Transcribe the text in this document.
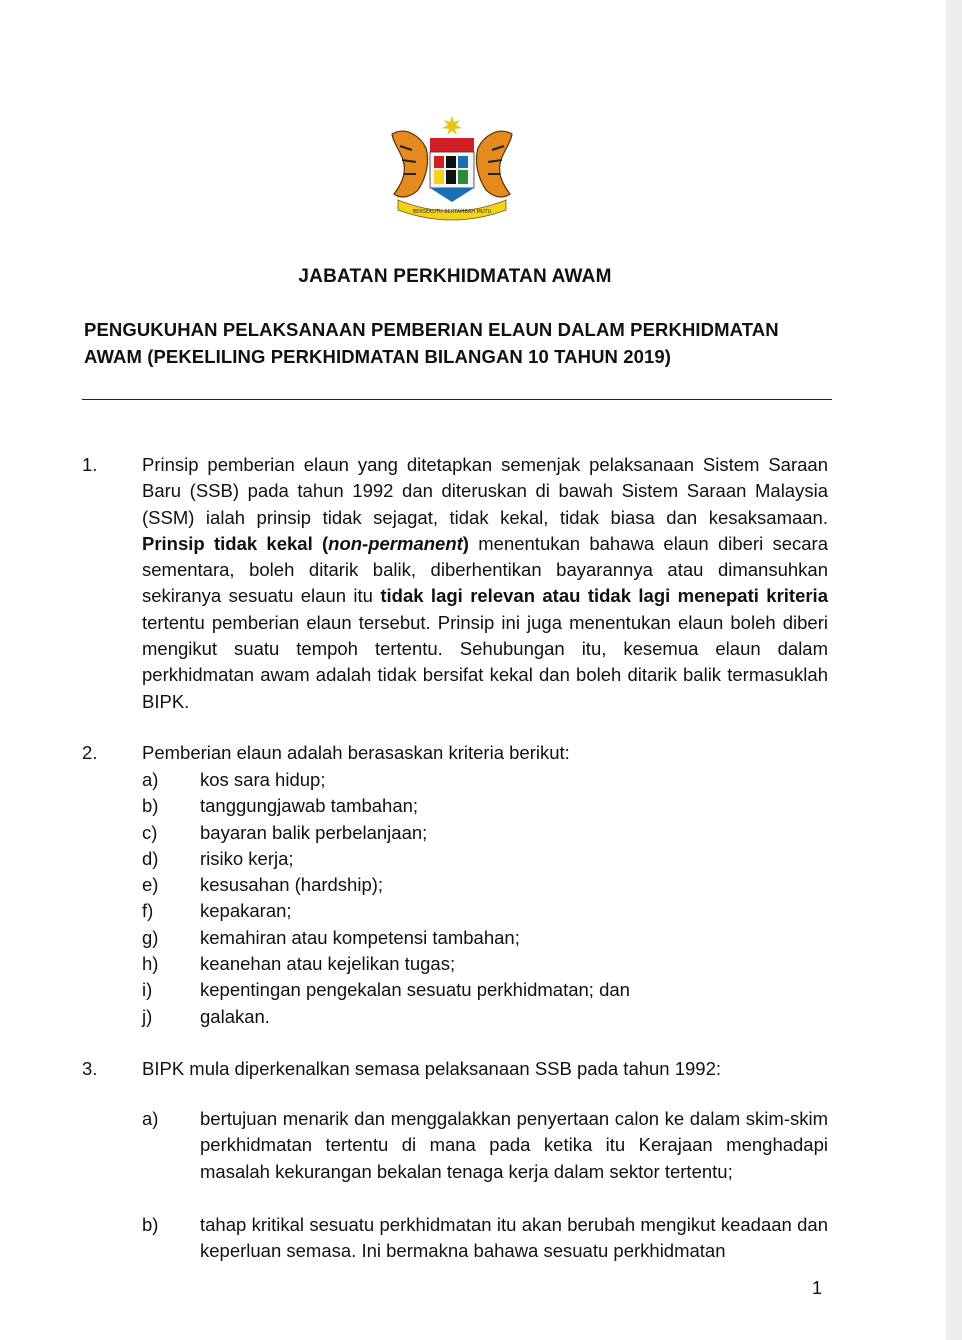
BERSEKUTU BERTAMBAH MUTU
JABATAN PERKHIDMATAN AWAM
PENGUKUHAN PELAKSANAAN PEMBERIAN ELAUN DALAM PERKHIDMATAN AWAM (PEKELILING PERKHIDMATAN BILANGAN 10 TAHUN 2019)
1. Prinsip pemberian elaun yang ditetapkan semenjak pelaksanaan Sistem Saraan Baru (SSB) pada tahun 1992 dan diteruskan di bawah Sistem Saraan Malaysia (SSM) ialah prinsip tidak sejagat, tidak kekal, tidak biasa dan kesaksamaan. Prinsip tidak kekal (non-permanent) menentukan bahawa elaun diberi secara sementara, boleh ditarik balik, diberhentikan bayarannya atau dimansuhkan sekiranya sesuatu elaun itu tidak lagi relevan atau tidak lagi menepati kriteria tertentu pemberian elaun tersebut. Prinsip ini juga menentukan elaun boleh diberi mengikut suatu tempoh tertentu. Sehubungan itu, kesemua elaun dalam perkhidmatan awam adalah tidak bersifat kekal dan boleh ditarik balik termasuklah BIPK.
2. Pemberian elaun adalah berasaskan kriteria berikut:
a) kos sara hidup;
b) tanggungjawab tambahan;
c) bayaran balik perbelanjaan;
d) risiko kerja;
e) kesusahan (hardship);
f)	kepakaran;
g) kemahiran atau kompetensi tambahan;
h) keanehan atau kejelikan tugas;
i)	kepentingan pengekalan sesuatu perkhidmatan; dan
j)	galakan.
3. BIPK mula diperkenalkan semasa pelaksanaan SSB pada tahun 1992:
a) bertujuan menarik dan menggalakkan penyertaan calon ke dalam skim-skim perkhidmatan tertentu di mana pada ketika itu Kerajaan menghadapi masalah kekurangan bekalan tenaga kerja dalam sektor tertentu;
b) tahap kritikal sesuatu perkhidmatan itu akan berubah mengikut keadaan dan keperluan semasa. Ini bermakna bahawa sesuatu perkhidmatan
1
